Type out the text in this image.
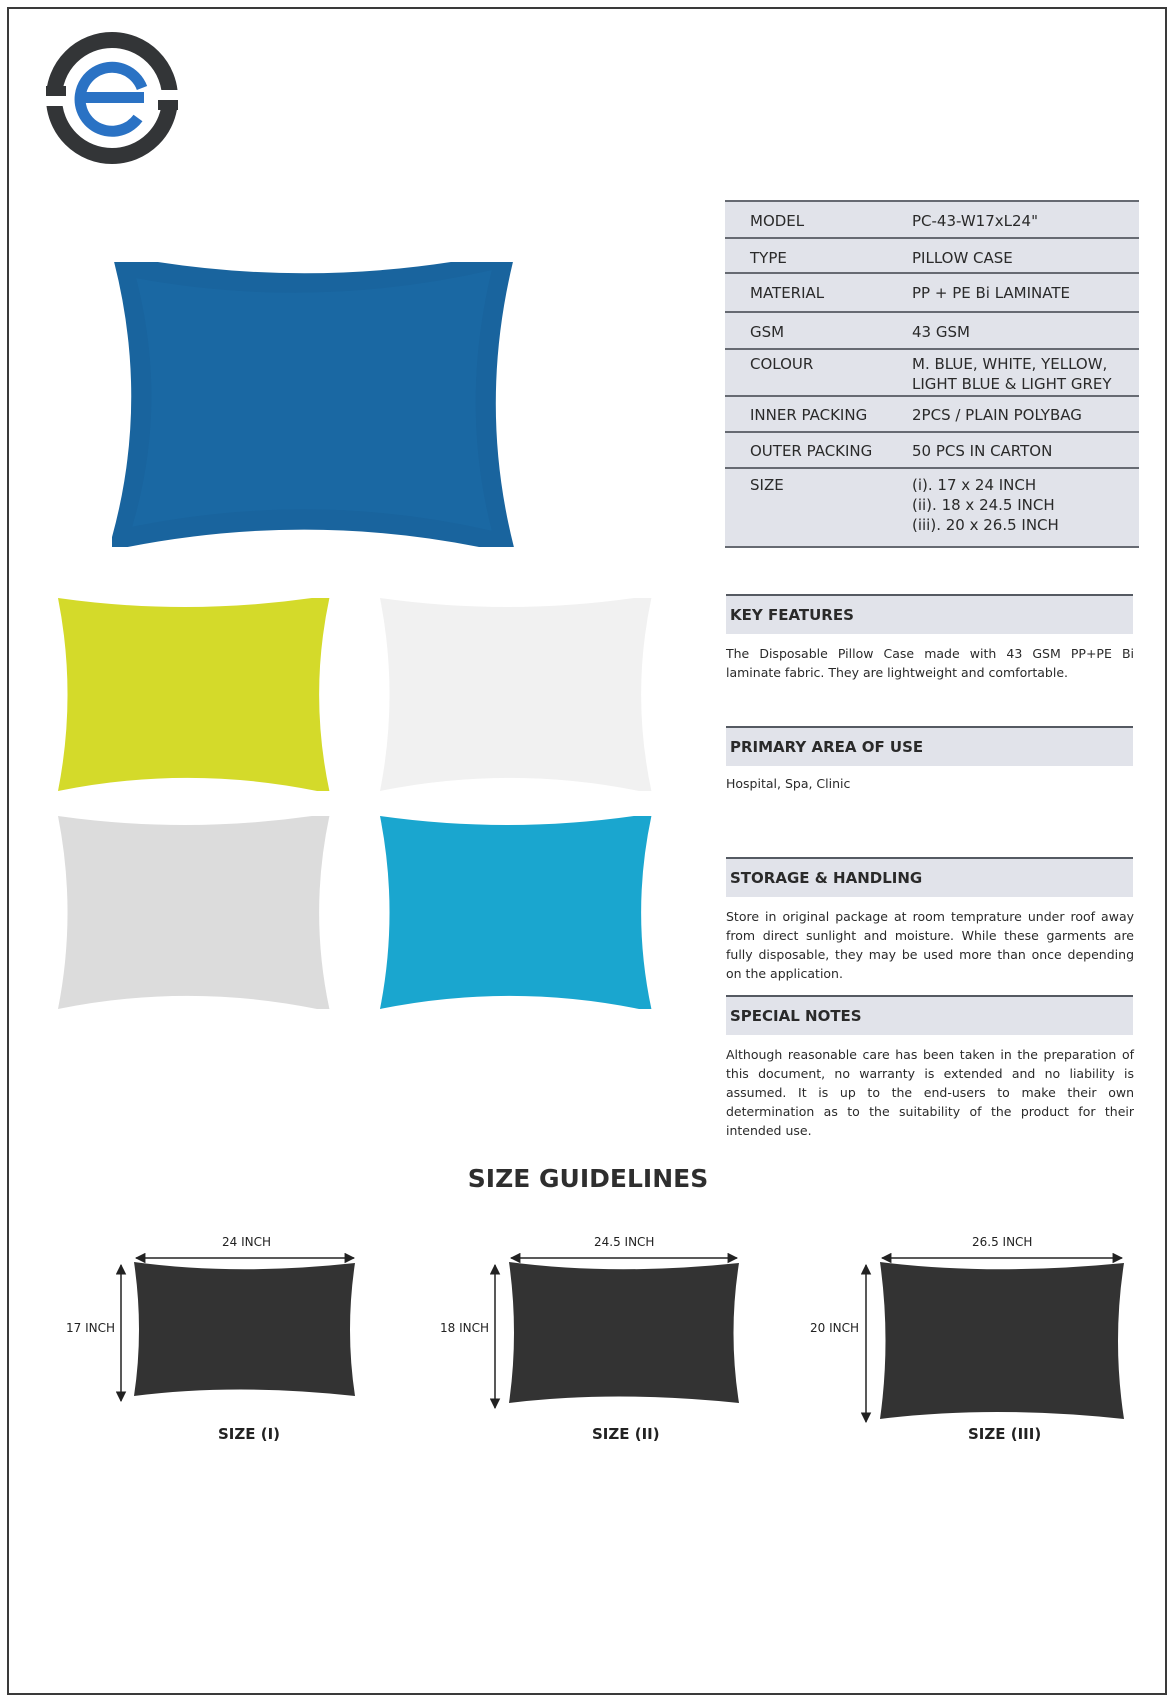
MODEL	PC-43-W17xL24"
TYPE	PILLOW CASE
MATERIAL	PP + PE Bi LAMINATE
GSM	43 GSM
COLOUR	M. BLUE, WHITE, YELLOW,
LIGHT BLUE & LIGHT GREY
INNER PACKING	2PCS / PLAIN POLYBAG
OUTER PACKING	50 PCS IN CARTON
SIZE	(i). 17 x 24 INCH
(ii). 18 x 24.5 INCH
(iii). 20 x 26.5 INCH
KEY FEATURES
The Disposable Pillow Case made with 43 GSM PP+PE Bi laminate fabric. They are lightweight and comfortable.
PRIMARY AREA OF USE
Hospital, Spa, Clinic
STORAGE & HANDLING
Store in original package at room temprature under roof away from direct sunlight and moisture. While these garments are fully disposable, they may be used more than once depending on the application.
SPECIAL NOTES
Although reasonable care has been taken in the preparation of this document, no warranty is extended and no liability is assumed. It is up to the end-users to make their own determination as to the suitability of the product for their intended use.
SIZE GUIDELINES
24 INCH
17 INCH
SIZE (I)
24.5 INCH
18 INCH
SIZE (II)
26.5 INCH
20 INCH
SIZE (III)
